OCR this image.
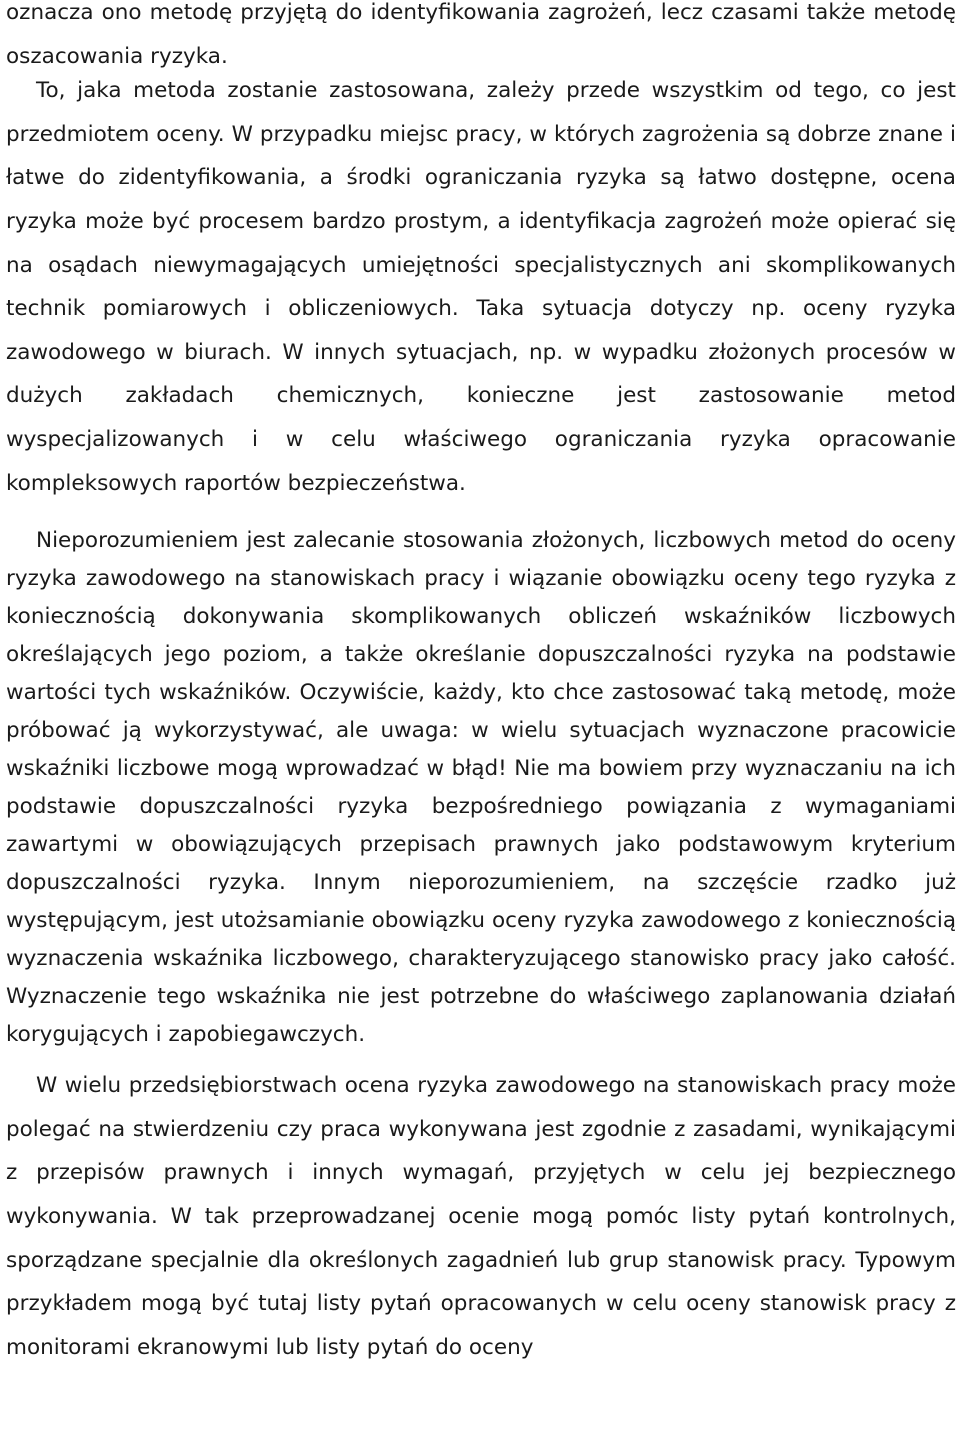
oznacza ono metodę przyjętą do identyfikowania zagrożeń, lecz czasami także metodę oszacowania ryzyka.

To, jaka metoda zostanie zastosowana, zależy przede wszystkim od tego, co jest przedmiotem oceny. W przypadku miejsc pracy, w których zagrożenia są dobrze znane i łatwe do zidentyfikowania, a środki ograniczania ryzyka są łatwo dostępne, ocena ryzyka może być procesem bardzo prostym, a identyfikacja zagrożeń może opierać się na osądach niewymagających umiejętności specjalistycznych ani skomplikowanych technik pomiarowych i obliczeniowych. Taka sytuacja dotyczy np. oceny ryzyka zawodowego w biurach. W innych sytuacjach, np. w wypadku złożonych procesów w dużych zakładach chemicznych, konieczne jest zastosowanie metod wyspecjalizowanych i w celu właściwego ograniczania ryzyka opracowanie kompleksowych raportów bezpieczeństwa.

Nieporozumieniem jest zalecanie stosowania złożonych, liczbowych metod do oceny ryzyka zawodowego na stanowiskach pracy i wiązanie obowiązku oceny tego ryzyka z koniecznością dokonywania skomplikowanych obliczeń wskaźników liczbowych określających jego poziom, a także określanie dopuszczalności ryzyka na podstawie wartości tych wskaźników. Oczywiście, każdy, kto chce zastosować taką metodę, może próbować ją wykorzystywać, ale uwaga: w wielu sytuacjach wyznaczone pracowicie wskaźniki liczbowe mogą wprowadzać w błąd! Nie ma bowiem przy wyznaczaniu na ich podstawie dopuszczalności ryzyka bezpośredniego powiązania z wymaganiami zawartymi w obowiązujących przepisach prawnych jako podstawowym kryterium dopuszczalności ryzyka. Innym nieporozumieniem, na szczęście rzadko już występującym, jest utożsamianie obowiązku oceny ryzyka zawodowego z koniecznością wyznaczenia wskaźnika liczbowego, charakteryzującego stanowisko pracy jako całość. Wyznaczenie tego wskaźnika nie jest potrzebne do właściwego zaplanowania działań korygujących i zapobiegawczych.

W wielu przedsiębiorstwach ocena ryzyka zawodowego na stanowiskach pracy może polegać na stwierdzeniu czy praca wykonywana jest zgodnie z zasadami, wynikającymi z przepisów prawnych i innych wymagań, przyjętych w celu jej bezpiecznego wykonywania. W tak przeprowadzanej ocenie mogą pomóc listy pytań kontrolnych, sporządzane specjalnie dla określonych zagadnień lub grup stanowisk pracy. Typowym przykładem mogą być tutaj listy pytań opracowanych w celu oceny stanowisk pracy z monitorami ekranowymi lub listy pytań do oceny
